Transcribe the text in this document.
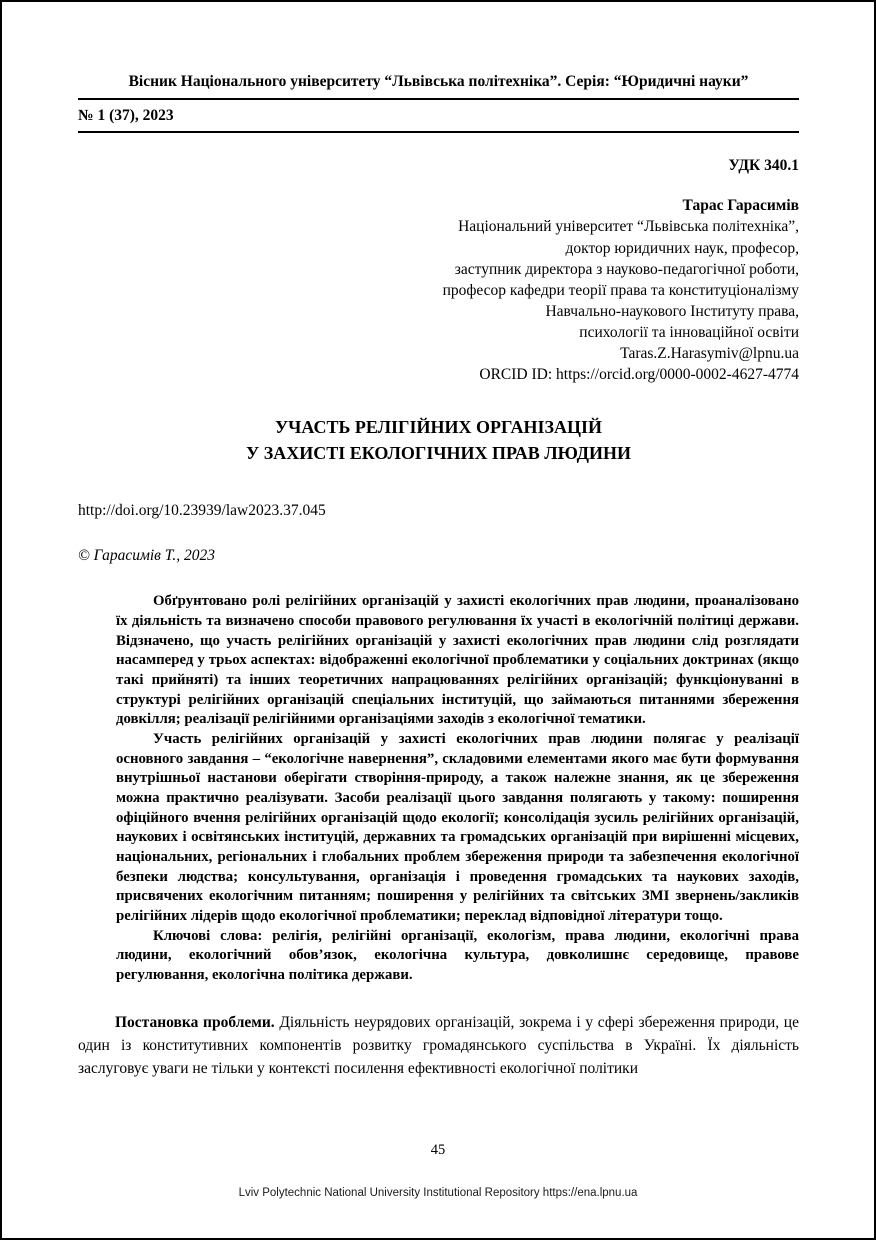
Вісник Національного університету “Львівська політехніка”. Серія: “Юридичні науки”
№ 1 (37), 2023
УДК 340.1
Тарас Гарасимів
Національний університет “Львівська політехніка”,
доктор юридичних наук, професор,
заступник директора з науково-педагогічної роботи,
професор кафедри теорії права та конституціоналізму
Навчально-наукового Інституту права,
психології та інноваційної освіти
Taras.Z.Harasymiv@lpnu.ua
ORCID ID: https://orcid.org/0000-0002-4627-4774
УЧАСТЬ РЕЛІГІЙНИХ ОРГАНІЗАЦІЙ
У ЗАХИСТІ ЕКОЛОГІЧНИХ ПРАВ ЛЮДИНИ
http://doi.org/10.23939/law2023.37.045
© Гарасимів Т., 2023

Обґрунтовано ролі релігійних організацій у захисті екологічних прав людини, проаналізовано їх діяльність та визначено способи правового регулювання їх участі в екологічній політиці держави. Відзначено, що участь релігійних організацій у захисті екологічних прав людини слід розглядати насамперед у трьох аспектах: відображенні екологічної проблематики у соціальних доктринах (якщо такі прийняті) та інших теоретичних напрацюваннях релігійних організацій; функціонуванні в структурі релігійних організацій спеціальних інституцій, що займаються питаннями збереження довкілля; реалізації релігійними організаціями заходів з екологічної тематики.

Участь релігійних організацій у захисті екологічних прав людини полягає у реалізації основного завдання – “екологічне навернення”, складовими елементами якого має бути формування внутрішньої настанови оберігати створіння-природу, а також належне знання, як це збереження можна практично реалізувати. Засоби реалізації цього завдання полягають у такому: поширення офіційного вчення релігійних організацій щодо екології; консолідація зусиль релігійних організацій, наукових і освітянських інституцій, державних та громадських організацій при вирішенні місцевих, національних, регіональних і глобальних проблем збереження природи та забезпечення екологічної безпеки людства; консультування, організація і проведення громадських та наукових заходів, присвячених екологічним питанням; поширення у релігійних та світських ЗМІ звернень/закликів релігійних лідерів щодо екологічної проблематики; переклад відповідної літератури тощо.

Ключові слова: релігія, релігійні організації, екологізм, права людини, екологічні права людини, екологічний обов’язок, екологічна культура, довколишнє середовище, правове регулювання, екологічна політика держави.

Постановка проблеми. Діяльність неурядових організацій, зокрема і у сфері збереження природи, це один із конститутивних компонентів розвитку громадянського суспільства в Україні. Їх діяльність заслуговує уваги не тільки у контексті посилення ефективності екологічної політики

45
Lviv Polytechnic National University Institutional Repository https://ena.lpnu.ua
